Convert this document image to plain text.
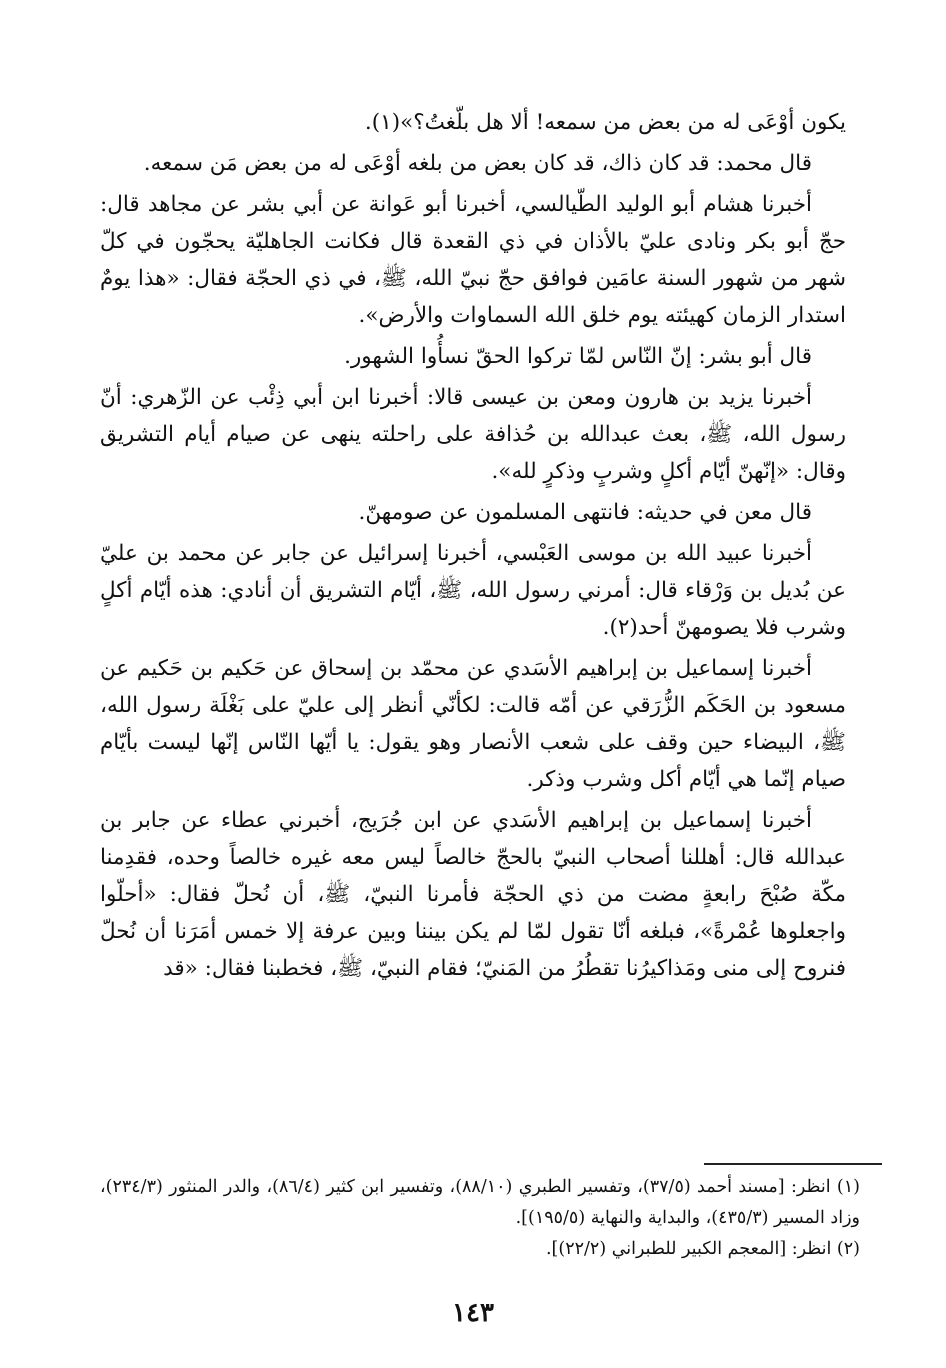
يكون أوْعَى له من بعض من سمعه! ألا هل بلّغتُ؟»(١).

قال محمد: قد كان ذاك، قد كان بعض من بلغه أوْعَى له من بعض مَن سمعه.

أخبرنا هشام أبو الوليد الطّيالسي، أخبرنا أبو عَوانة عن أبي بشر عن مجاهد قال: حجّ أبو بكر ونادى عليّ بالأذان في ذي القعدة قال فكانت الجاهليّة يحجّون في كلّ شهر من شهور السنة عامَين فوافق حجّ نبيّ الله، ﷺ، في ذي الحجّة فقال: «هذا يومٌ استدار الزمان كهيئته يوم خلق الله السماوات والأرض».

قال أبو بشر: إنّ النّاس لمّا تركوا الحقّ نسأُوا الشهور.

أخبرنا يزيد بن هارون ومعن بن عيسى قالا: أخبرنا ابن أبي ذِئْب عن الزّهري: أنّ رسول الله، ﷺ، بعث عبدالله بن حُذافة على راحلته ينهى عن صيام أيام التشريق وقال: «إنّهنّ أيّام أكلٍ وشربٍ وذكرٍ لله».

قال معن في حديثه: فانتهى المسلمون عن صومهنّ.

أخبرنا عبيد الله بن موسى العَبْسي، أخبرنا إسرائيل عن جابر عن محمد بن عليّ عن بُديل بن وَرْقاء قال: أمرني رسول الله، ﷺ، أيّام التشريق أن أنادي: هذه أيّام أكلٍ وشرب فلا يصومهنّ أحد(٢).

أخبرنا إسماعيل بن إبراهيم الأسَدي عن محمّد بن إسحاق عن حَكيم بن حَكيم عن مسعود بن الحَكَم الزُّرَقي عن أمّه قالت: لكأنّي أنظر إلى عليّ على بَغْلَة رسول الله، ﷺ، البيضاء حين وقف على شعب الأنصار وهو يقول: يا أيّها النّاس إنّها ليست بأيّام صيام إنّما هي أيّام أكل وشرب وذكر.

أخبرنا إسماعيل بن إبراهيم الأسَدي عن ابن جُرَيج، أخبرني عطاء عن جابر بن عبدالله قال: أهللنا أصحاب النبيّ بالحجّ خالصاً ليس معه غيره خالصاً وحده، فقدِمنا مكّة صُبْحَ رابعةٍ مضت من ذي الحجّة فأمرنا النبيّ، ﷺ، أن نُحلّ فقال: «أحلّوا واجعلوها عُمْرةً»، فبلغه أنّا تقول لمّا لم يكن بيننا وبين عرفة إلا خمس أمَرَنا أن نُحلّ فنروح إلى منى ومَذاكيرُنا تقطُرُ من المَنيّ؛ فقام النبيّ، ﷺ، فخطبنا فقال: «قد

(١) انظر: [مسند أحمد (٣٧/٥)، وتفسير الطبري (٨٨/١٠)، وتفسير ابن كثير (٨٦/٤)، والدر المنثور (٢٣٤/٣)، وزاد المسير (٤٣٥/٣)، والبداية والنهاية (١٩٥/٥)].

(٢) انظر: [المعجم الكبير للطبراني (٢٢/٢)].

١٤٣
